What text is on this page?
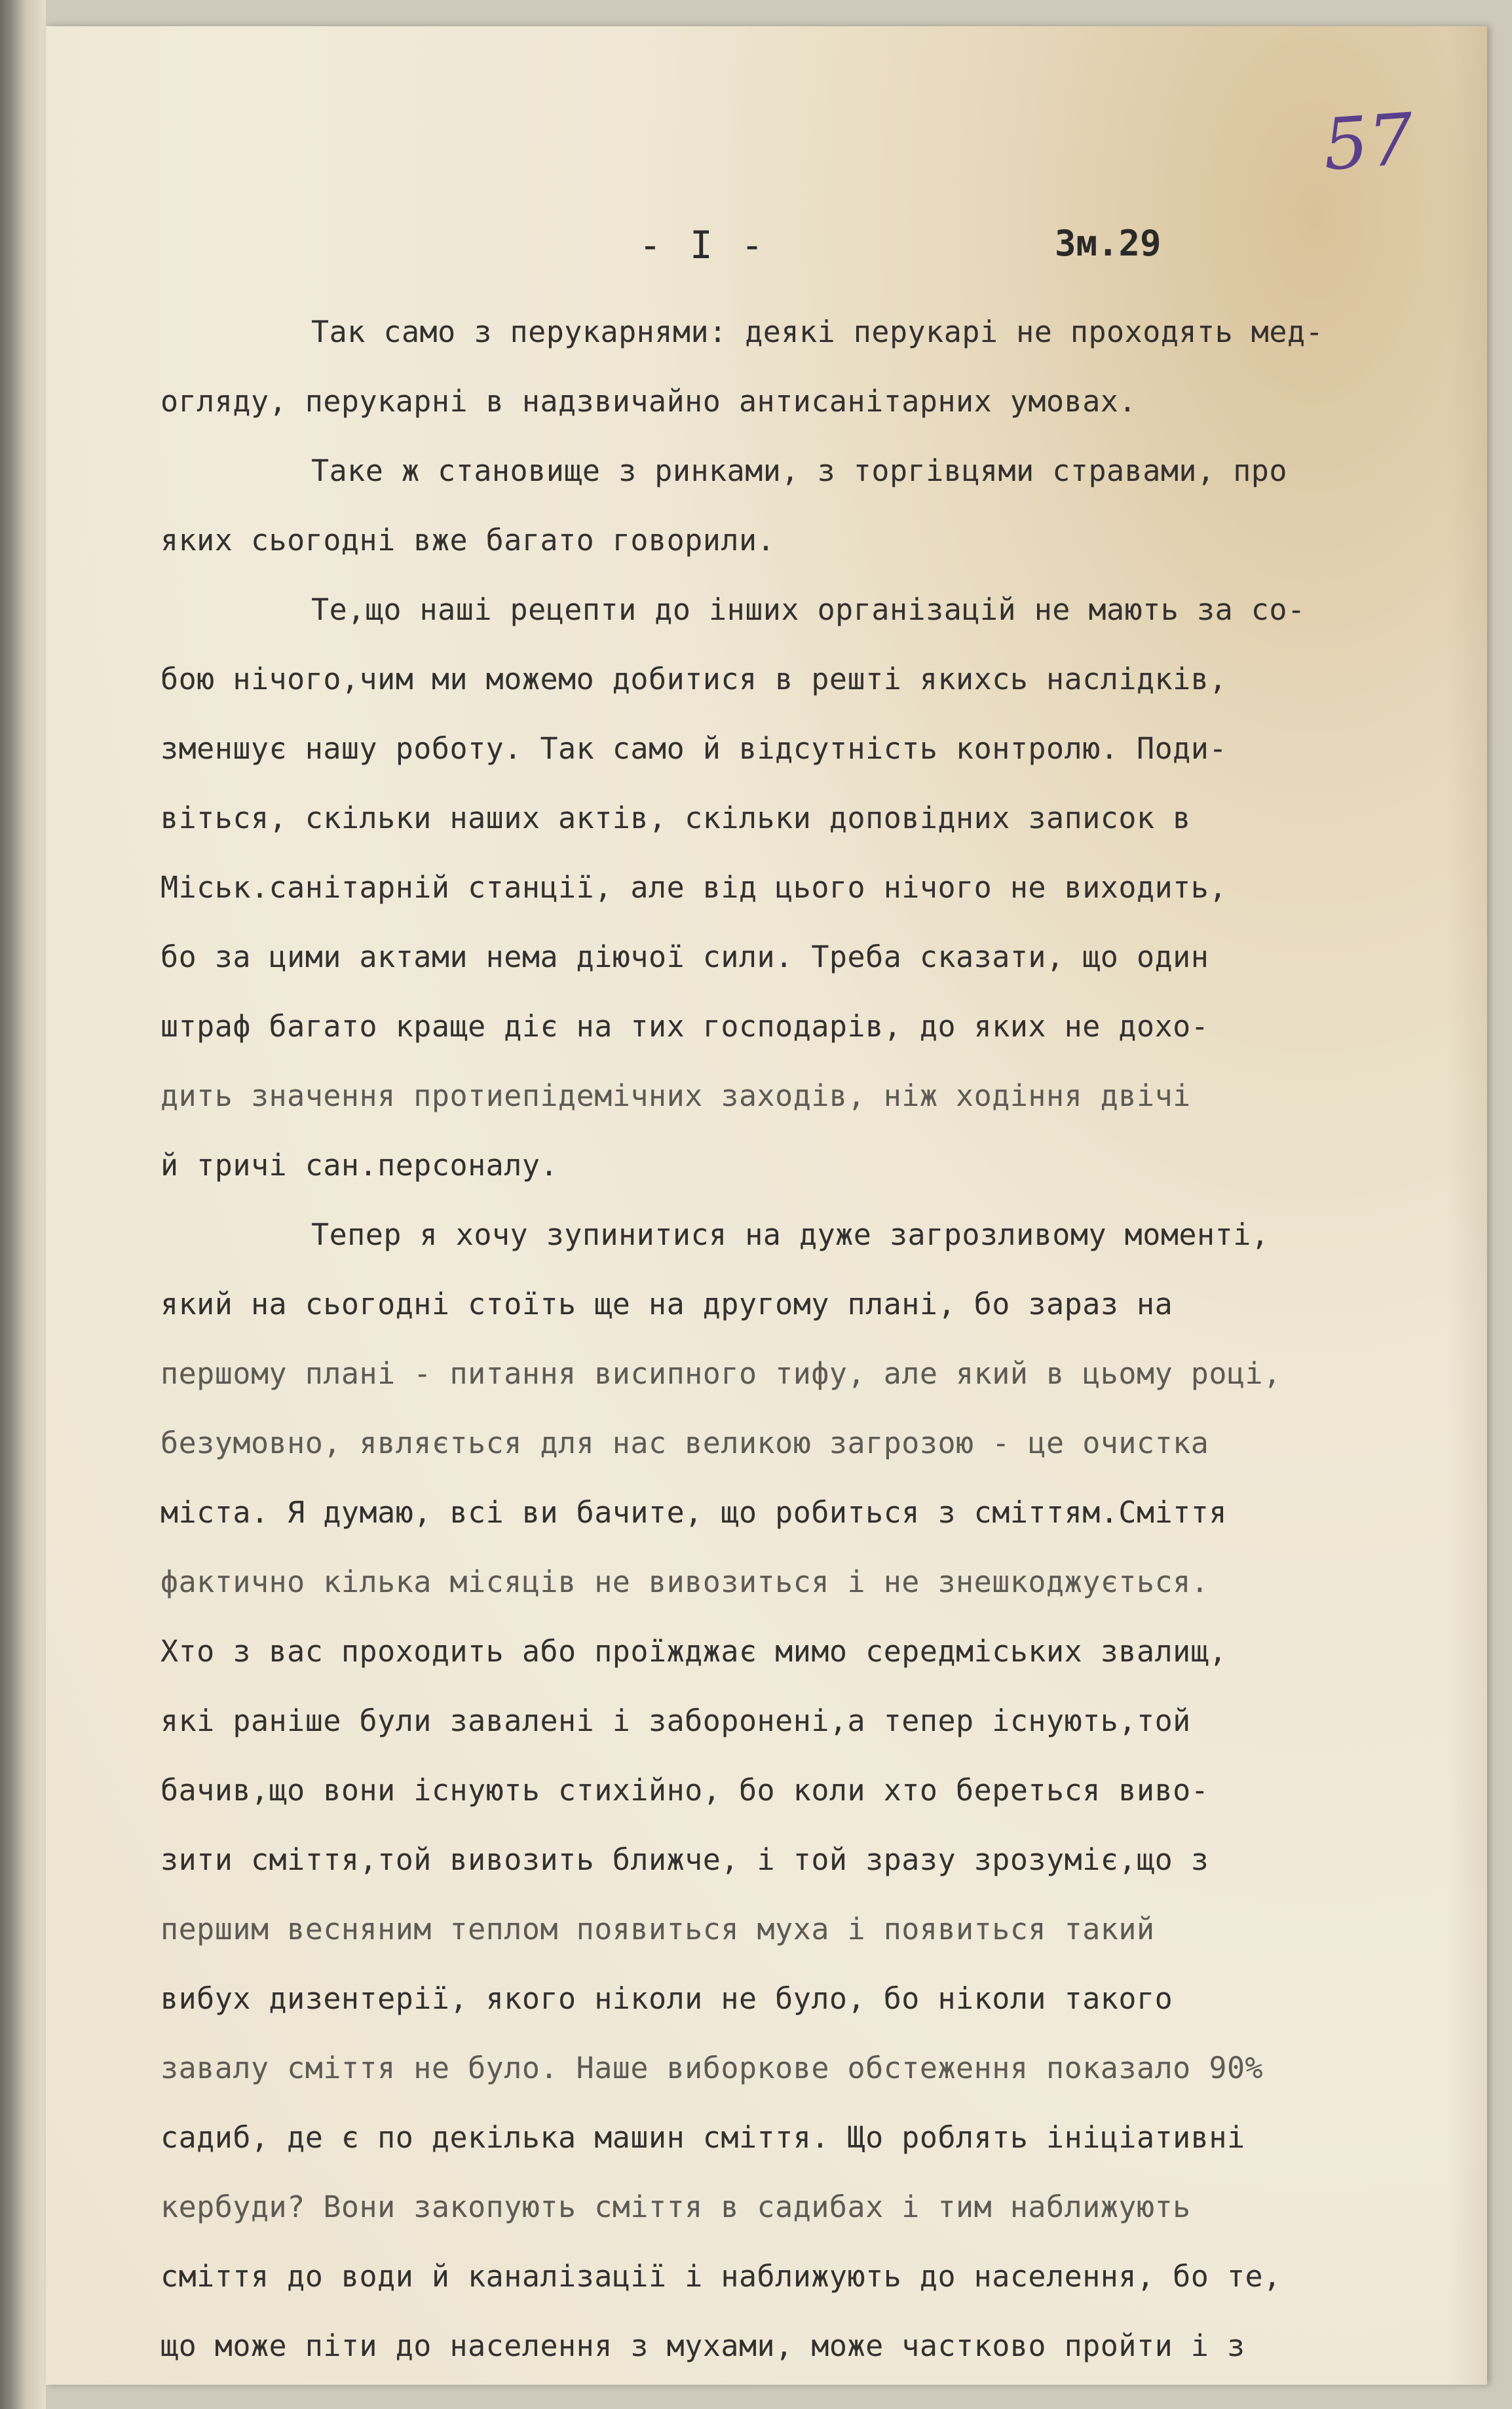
57
- I -	Зм.29
Так само з перукарнями: деякі перукарі не проходять мед-
огляду, перукарні в надзвичайно антисанітарних умовах.
Таке ж становище з ринками, з торгівцями стравами, про
яких сьогодні вже багато говорили.
Те,що наші рецепти до інших організацій не мають за со-
бою нічого,чим ми можемо добитися в решті якихсь наслідків,
зменшує нашу роботу. Так само й відсутність контролю. Поди-
віться, скільки наших актів, скільки доповідних записок в
Міськ.санітарній станції, але від цього нічого не виходить,
бо за цими актами нема діючої сили. Треба сказати, що один
штраф багато краще діє на тих господарів, до яких не дохо-
дить значення протиепідемічних заходів, ніж ходіння двічі
й тричі сан.персоналу.
Тепер я хочу зупинитися на дуже загрозливому моменті,
який на сьогодні стоїть ще на другому плані, бо зараз на
першому плані - питання висипного тифу, але який в цьому році,
безумовно, являється для нас великою загрозою - це очистка
міста. Я думаю, всі ви бачите, що робиться з сміттям.Сміття
фактично кілька місяців не вивозиться і не знешкоджується.
Хто з вас проходить або проїжджає мимо середміських звалищ,
які раніше були завалені і заборонені,а тепер існують,той
бачив,що вони існують стихійно, бо коли хто береться вивo-
зити сміття,той вивозить ближче, і той зразу зрозуміє,що з
першим весняним теплом появиться муха і появиться такий
вибух дизентерії, якого ніколи не було, бо ніколи такого
завалу сміття не було. Наше виборкове обстеження показало 90%
садиб, де є по декілька машин сміття. Що роблять ініціативні
кербуди? Вони закопують сміття в садибах і тим наближують
сміття до води й каналізації і наближують до населення, бо те,
що може піти до населення з мухами, може частково пройти і з
